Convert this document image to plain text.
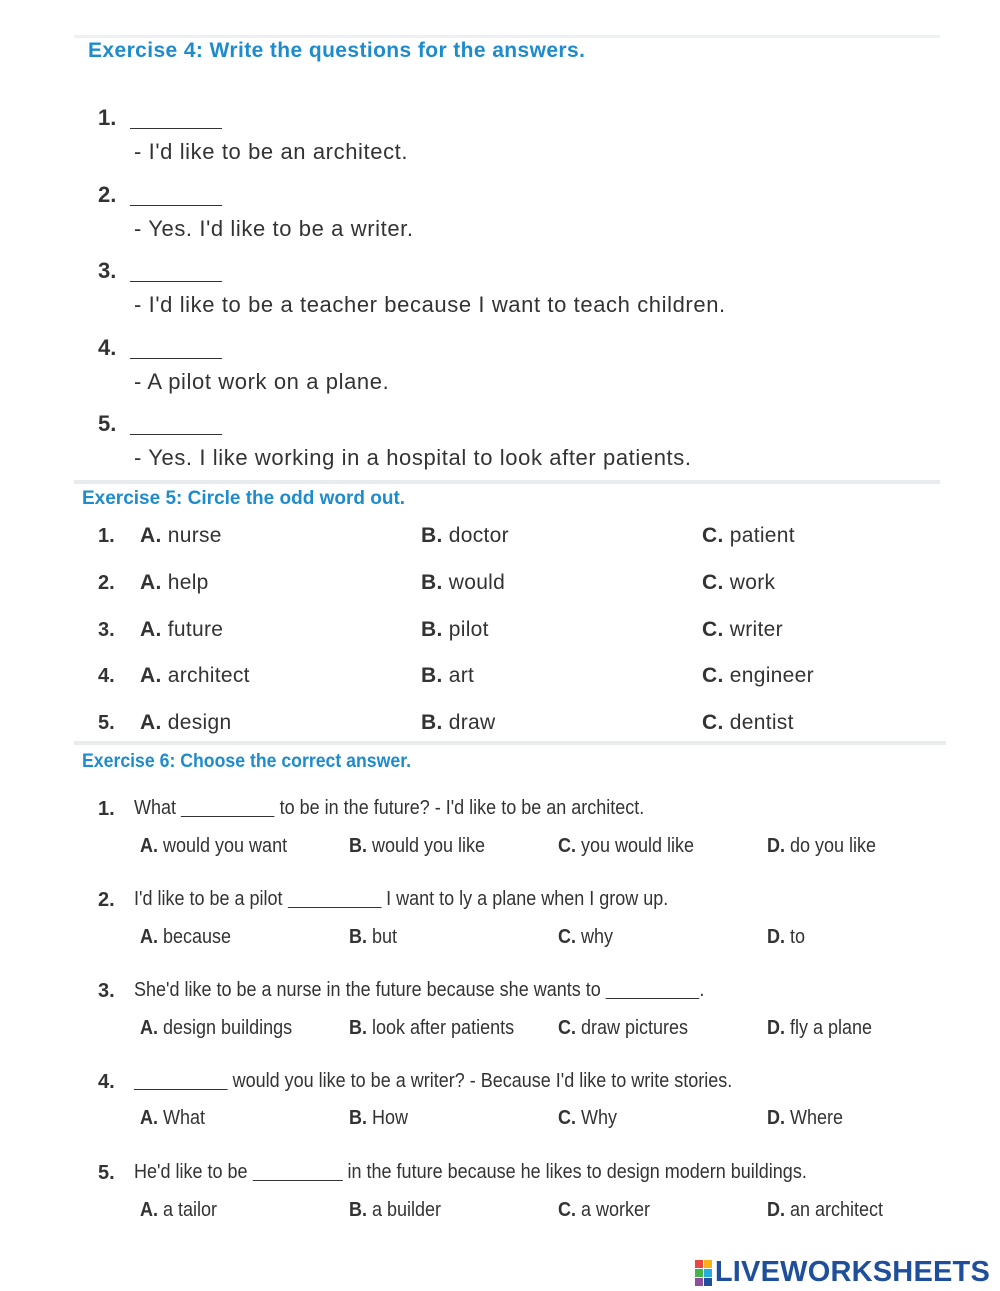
Exercise 4: Write the questions for the answers.
1.
- I'd like to be an architect.
2.
- Yes. I'd like to be a writer.
3.
- I'd like to be a teacher because I want to teach children.
4.
- A pilot work on a plane.
5.
- Yes. I like working in a hospital to look after patients.
Exercise 5: Circle the odd word out.
1. A. nurse	B. doctor	C. patient
2. A. help	B. would	C. work
3. A. future	B. pilot	C. writer
4. A. architect	B. art	C. engineer
5. A. design	B. draw	C. dentist
Exercise 6: Choose the correct answer.
1. What	to be in the future? - I'd like to be an architect.
A. would you want	B. would you like	C. you would like	D. do you like
2. I'd like to be a pilot	I want to ly a plane when I grow up.
A. because	B. but	C. why	D. to
3. She'd like to be a nurse in the future because she wants to	.
A. design buildings	B. look after patients C. draw pictures	D. fly a plane
4.	would you like to be a writer? - Because I'd like to write stories.
A. What	B. How	C. Why	D. Where
5. He'd like to be	in the future because he likes to design modern buildings.
A. a tailor	B. a builder	C. a worker	D. an architect
LIVEWORKSHEETS
